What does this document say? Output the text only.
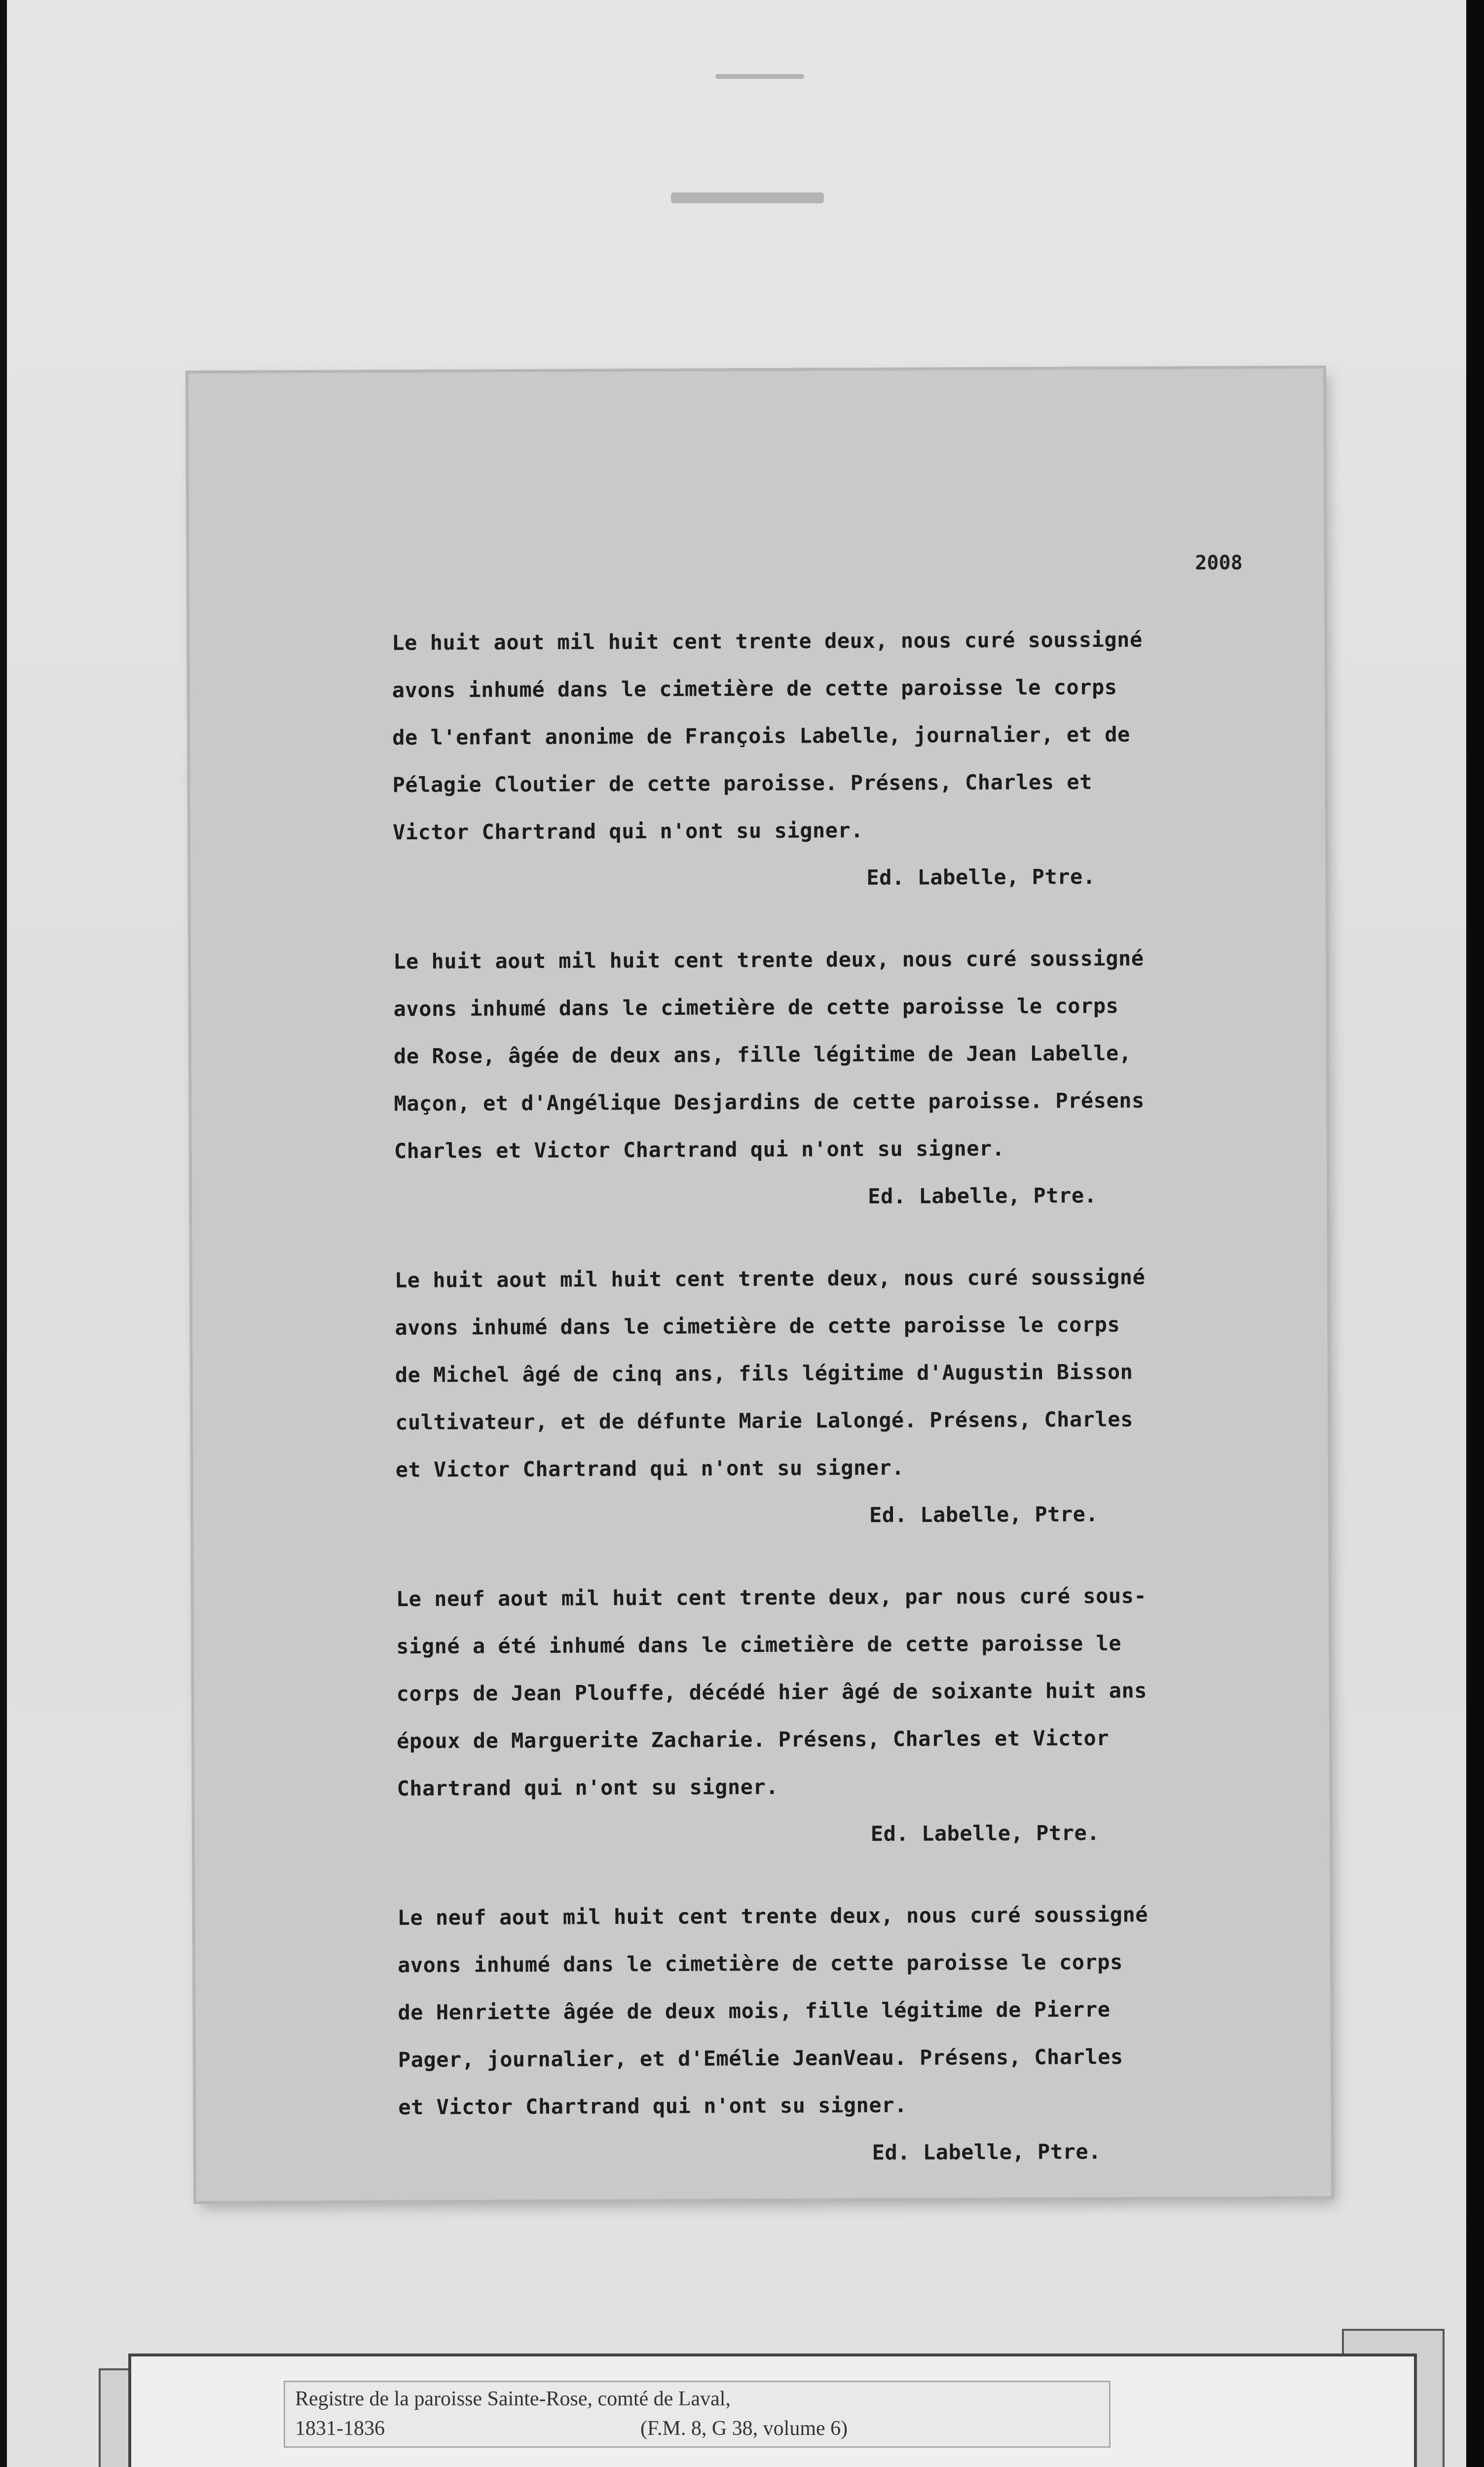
2008
Le huit aout mil huit cent trente deux, nous curé soussigné
avons inhumé dans le cimetière de cette paroisse le corps
de l'enfant anonime de François Labelle, journalier, et de
Pélagie Cloutier de cette paroisse. Présens, Charles et
Victor Chartrand qui n'ont su signer.
Ed. Labelle, Ptre.
Le huit aout mil huit cent trente deux, nous curé soussigné
avons inhumé dans le cimetière de cette paroisse le corps
de Rose, âgée de deux ans, fille légitime de Jean Labelle,
Maçon, et d'Angélique Desjardins de cette paroisse. Présens
Charles et Victor Chartrand qui n'ont su signer.
Ed. Labelle, Ptre.
Le huit aout mil huit cent trente deux, nous curé soussigné
avons inhumé dans le cimetière de cette paroisse le corps
de Michel âgé de cinq ans, fils légitime d'Augustin Bisson
cultivateur, et de défunte Marie Lalongé. Présens, Charles
et Victor Chartrand qui n'ont su signer.
Ed. Labelle, Ptre.
Le neuf aout mil huit cent trente deux, par nous curé sous-
signé a été inhumé dans le cimetière de cette paroisse le
corps de Jean Plouffe, décédé hier âgé de soixante huit ans
époux de Marguerite Zacharie. Présens, Charles et Victor
Chartrand qui n'ont su signer.
Ed. Labelle, Ptre.
Le neuf aout mil huit cent trente deux, nous curé soussigné
avons inhumé dans le cimetière de cette paroisse le corps
de Henriette âgée de deux mois, fille légitime de Pierre
Pager, journalier, et d'Emélie JeanVeau. Présens, Charles
et Victor Chartrand qui n'ont su signer.
Ed. Labelle, Ptre.
Registre de la paroisse Sainte-Rose, comté de Laval,
1831-1836	(F.M. 8, G 38, volume 6)
